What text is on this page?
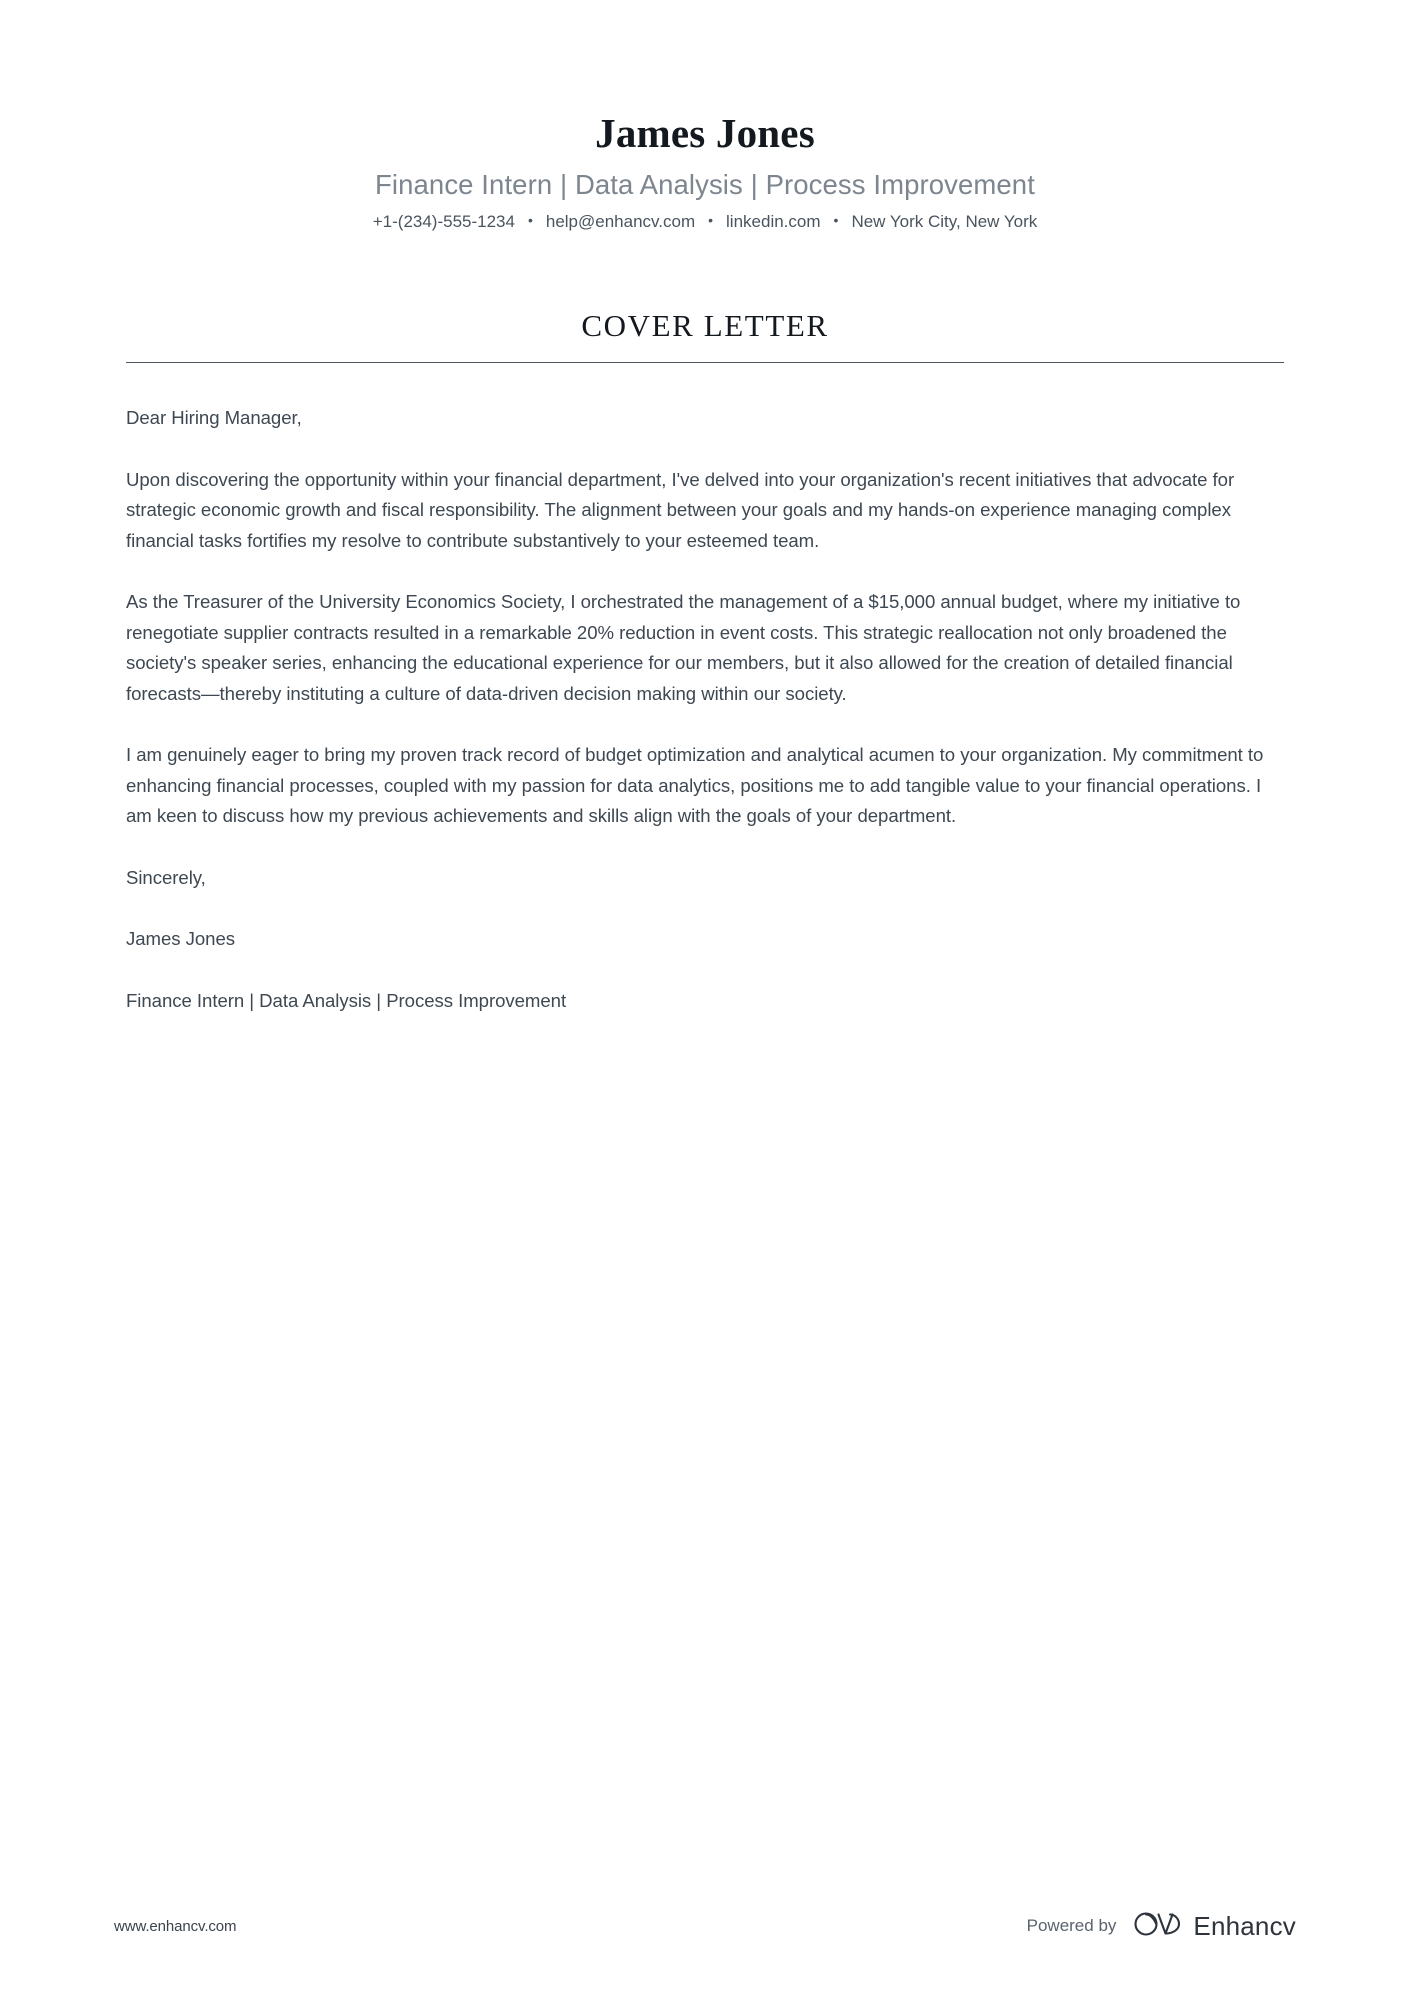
James Jones
Finance Intern | Data Analysis | Process Improvement
+1-(234)-555-1234 • help@enhancv.com • linkedin.com • New York City, New York
COVER LETTER

Dear Hiring Manager,

Upon discovering the opportunity within your financial department, I've delved into your organization's recent initiatives that advocate for strategic economic growth and fiscal responsibility. The alignment between your goals and my hands-on experience managing complex financial tasks fortifies my resolve to contribute substantively to your esteemed team.

As the Treasurer of the University Economics Society, I orchestrated the management of a $15,000 annual budget, where my initiative to renegotiate supplier contracts resulted in a remarkable 20% reduction in event costs. This strategic reallocation not only broadened the society's speaker series, enhancing the educational experience for our members, but it also allowed for the creation of detailed financial forecasts—thereby instituting a culture of data-driven decision making within our society.

I am genuinely eager to bring my proven track record of budget optimization and analytical acumen to your organization. My commitment to enhancing financial processes, coupled with my passion for data analytics, positions me to add tangible value to your financial operations. I am keen to discuss how my previous achievements and skills align with the goals of your department.

Sincerely,

James Jones

Finance Intern | Data Analysis | Process Improvement

www.enhancv.com	Powered by	Enhancv
